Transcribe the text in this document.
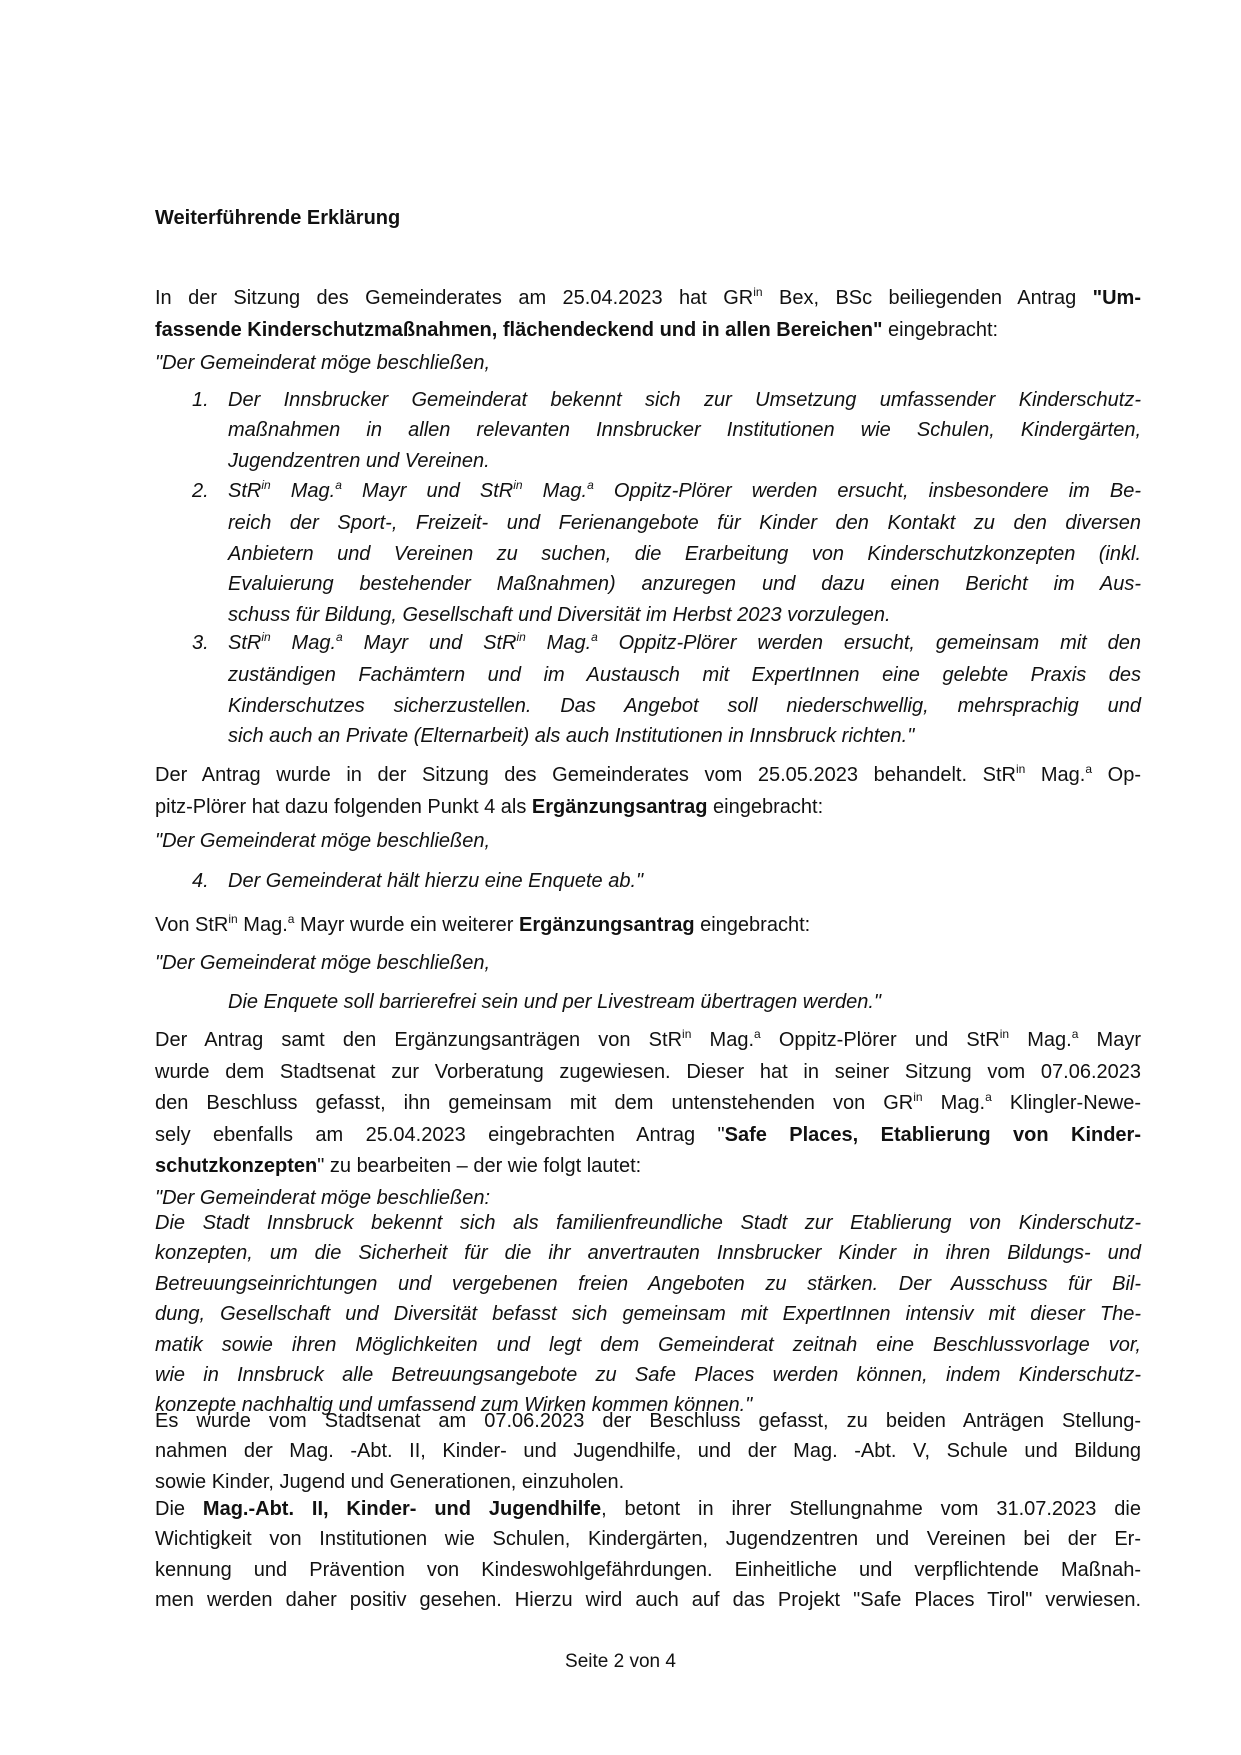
Weiterführende Erklärung
In der Sitzung des Gemeinderates am 25.04.2023 hat $GR^{in}$ Bex, BSc beiliegenden Antrag "Um-
fassende Kinderschutzmaßnahmen, flächendeckend und in allen Bereichen" eingebracht:
"Der Gemeinderat möge beschließen,
1. Der Innsbrucker Gemeinderat bekennt sich zur Umsetzung umfassender Kinderschutz-
maßnahmen in allen relevanten Innsbrucker Institutionen wie Schulen, Kindergärten,
Jugendzentren und Vereinen.
2. StR$^{in}$ Mag.$^a$ Mayr und StR$^{in}$ Mag.$^a$ Oppitz-Plörer werden ersucht, insbesondere im Be-
reich der Sport-, Freizeit- und Ferienangebote für Kinder den Kontakt zu den diversen
Anbietern und Vereinen zu suchen, die Erarbeitung von Kinderschutzkonzepten (inkl.
Evaluierung bestehender Maßnahmen) anzuregen und dazu einen Bericht im Aus-
schuss für Bildung, Gesellschaft und Diversität im Herbst 2023 vorzulegen.
3. StR$^{in}$ Mag.$^a$ Mayr und StR$^{in}$ Mag.$^a$ Oppitz-Plörer werden ersucht, gemeinsam mit den
zuständigen Fachämtern und im Austausch mit ExpertInnen eine gelebte Praxis des
Kinderschutzes sicherzustellen. Das Angebot soll niederschwellig, mehrsprachig und
sich auch an Private (Elternarbeit) als auch Institutionen in Innsbruck richten."
Der Antrag wurde in der Sitzung des Gemeinderates vom 25.05.2023 behandelt. StR$^{in}$ Mag.$^a$ Op-
pitz-Plörer hat dazu folgenden Punkt 4 als Ergänzungsantrag eingebracht:
"Der Gemeinderat möge beschließen,
4. Der Gemeinderat hält hierzu eine Enquete ab."
Von StR$^{in}$ Mag.$^a$ Mayr wurde ein weiterer Ergänzungsantrag eingebracht:
"Der Gemeinderat möge beschließen,
Die Enquete soll barrierefrei sein und per Livestream übertragen werden."
Der Antrag samt den Ergänzungsanträgen von StR$^{in}$ Mag.$^a$ Oppitz-Plörer und StR$^{in}$ Mag.$^a$ Mayr
wurde dem Stadtsenat zur Vorberatung zugewiesen. Dieser hat in seiner Sitzung vom 07.06.2023
den Beschluss gefasst, ihn gemeinsam mit dem untenstehenden von $GR^{in}$ Mag.$^a$ Klingler-Newe-
sely ebenfalls am 25.04.2023 eingebrachten Antrag "Safe Places, Etablierung von Kinder-
schutzkonzepten" zu bearbeiten – der wie folgt lautet:
"Der Gemeinderat möge beschließen:
Die Stadt Innsbruck bekennt sich als familienfreundliche Stadt zur Etablierung von Kinderschutz-
konzepten, um die Sicherheit für die ihr anvertrauten Innsbrucker Kinder in ihren Bildungs- und
Betreuungseinrichtungen und vergebenen freien Angeboten zu stärken. Der Ausschuss für Bil-
dung, Gesellschaft und Diversität befasst sich gemeinsam mit ExpertInnen intensiv mit dieser The-
matik sowie ihren Möglichkeiten und legt dem Gemeinderat zeitnah eine Beschlussvorlage vor,
wie in Innsbruck alle Betreuungsangebote zu Safe Places werden können, indem Kinderschutz-
konzepte nachhaltig und umfassend zum Wirken kommen können."
Es wurde vom Stadtsenat am 07.06.2023 der Beschluss gefasst, zu beiden Anträgen Stellung-
nahmen der Mag. -Abt. II, Kinder- und Jugendhilfe, und der Mag. -Abt. V, Schule und Bildung
sowie Kinder, Jugend und Generationen, einzuholen.
Die Mag.-Abt. II, Kinder- und Jugendhilfe, betont in ihrer Stellungnahme vom 31.07.2023 die
Wichtigkeit von Institutionen wie Schulen, Kindergärten, Jugendzentren und Vereinen bei der Er-
kennung und Prävention von Kindeswohlgefährdungen. Einheitliche und verpflichtende Maßnah-
men werden daher positiv gesehen. Hierzu wird auch auf das Projekt "Safe Places Tirol" verwiesen.
Seite 2 von 4
